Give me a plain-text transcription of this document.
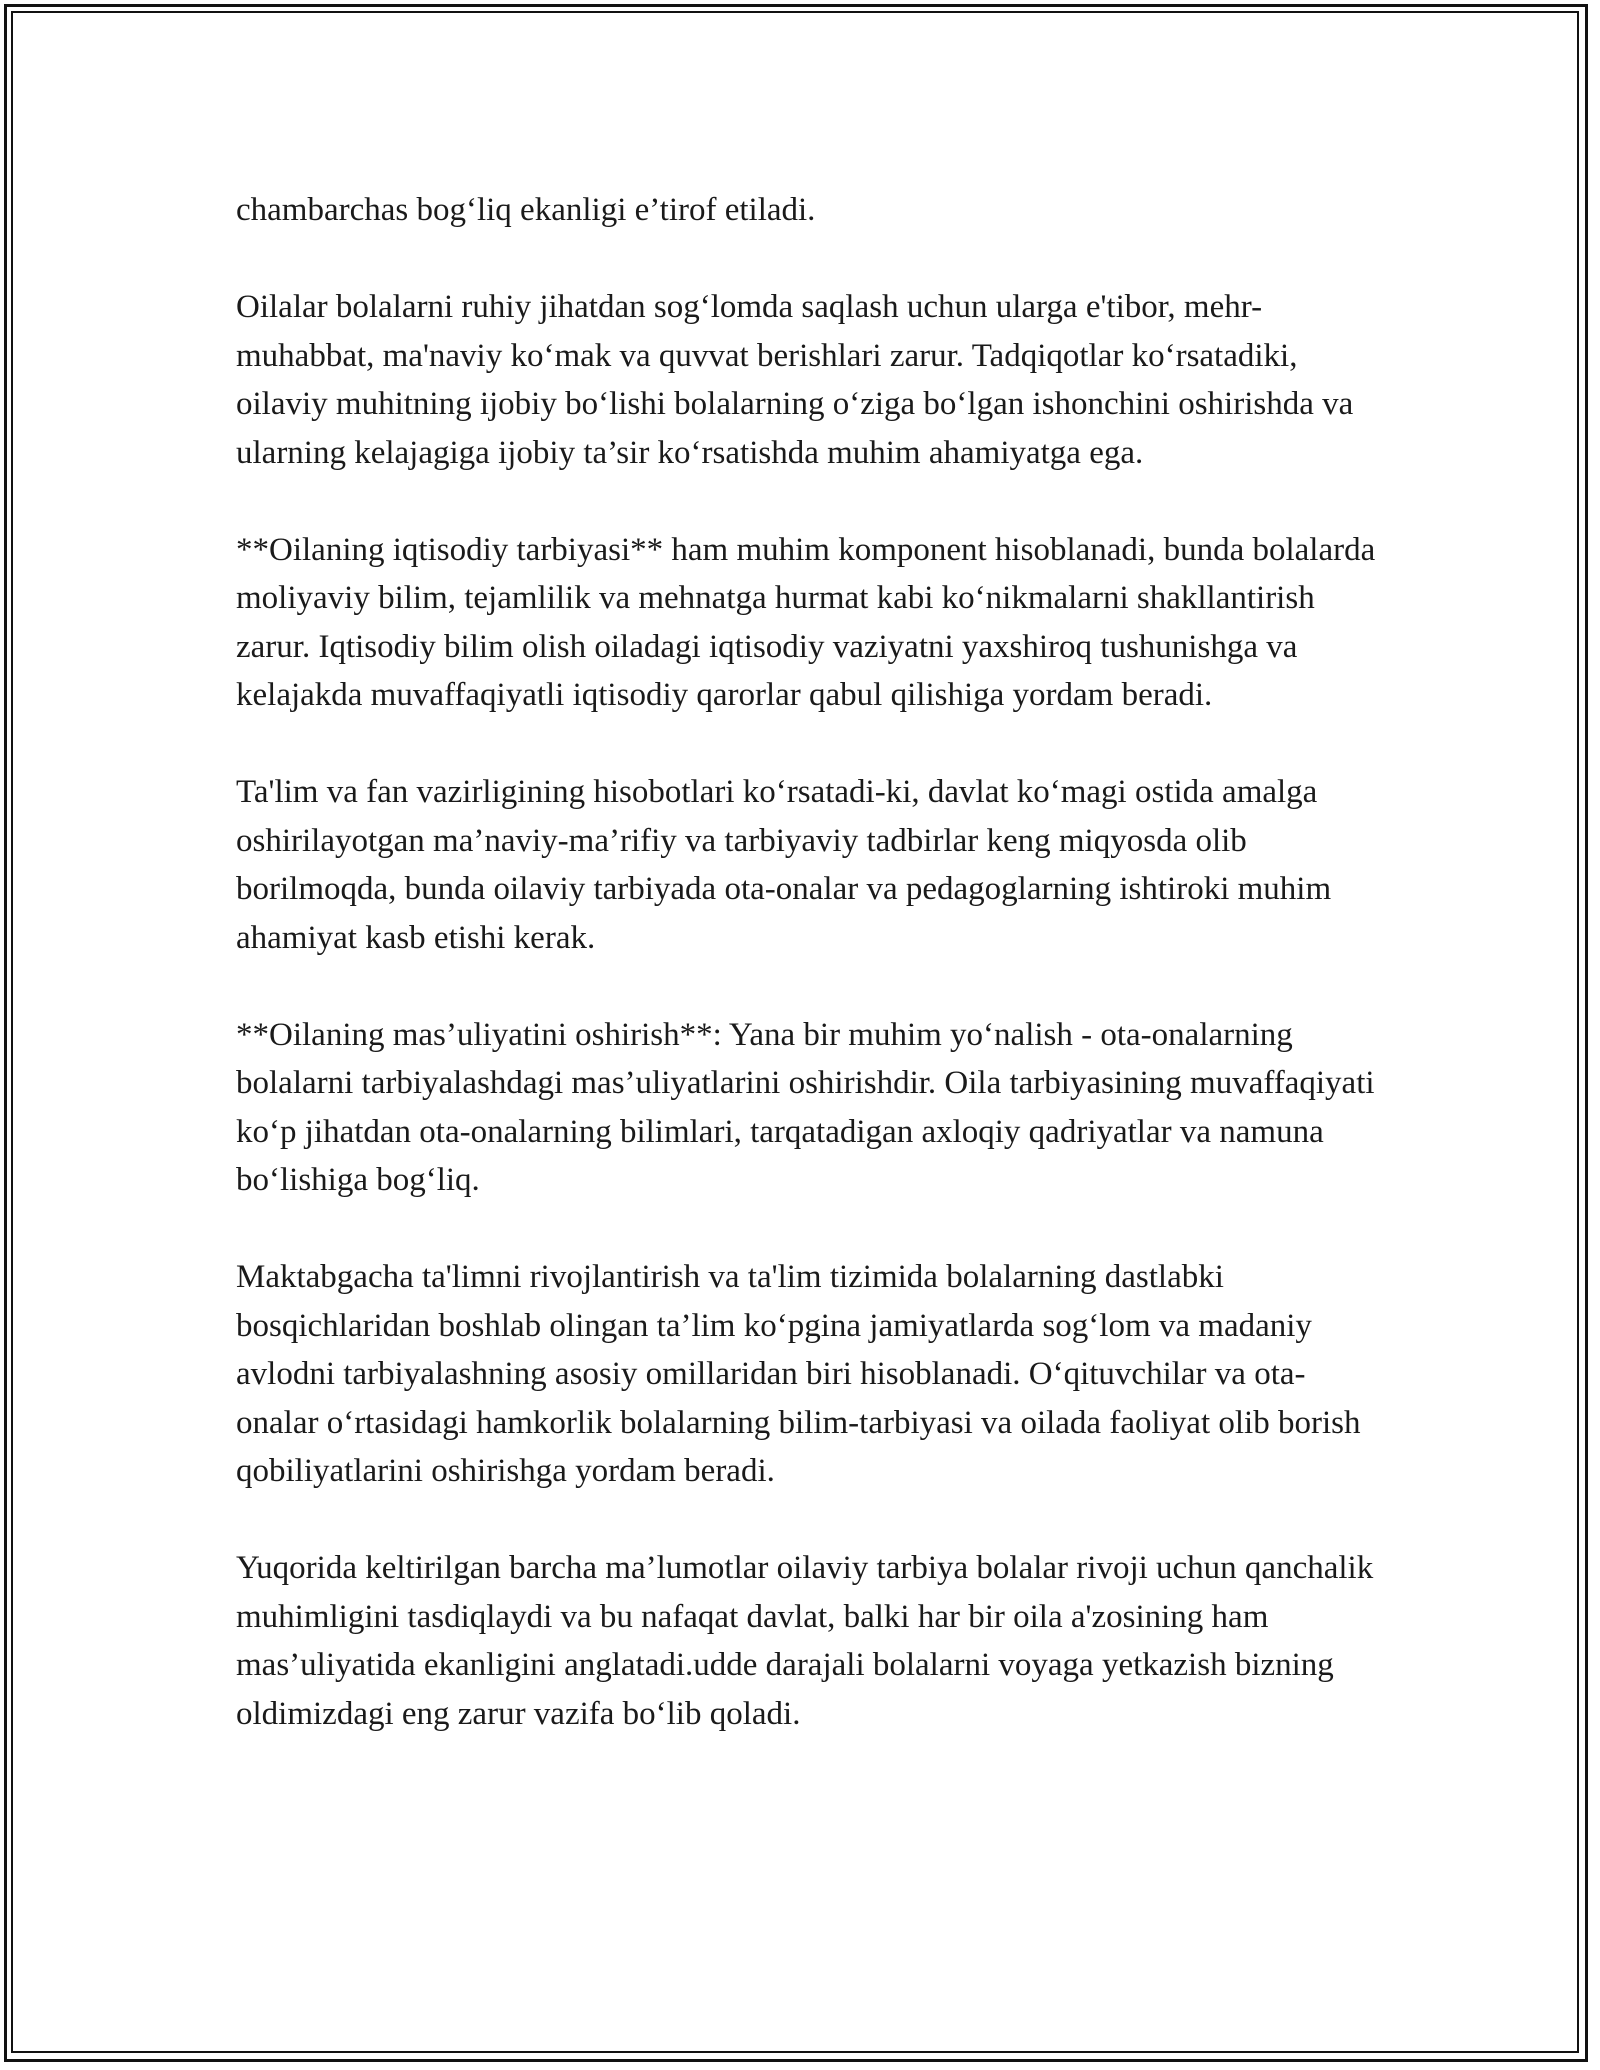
chambarchas bog‘liq ekanligi e’tirof etiladi.

Oilalar bolalarni ruhiy jihatdan sog‘lomda saqlash uchun ularga e'tibor, mehr-muhabbat, ma'naviy ko‘mak va quvvat berishlari zarur. Tadqiqotlar ko‘rsatadiki, oilaviy muhitning ijobiy bo‘lishi bolalarning o‘ziga bo‘lgan ishonchini oshirishda va ularning kelajagiga ijobiy ta’sir ko‘rsatishda muhim ahamiyatga ega.

**Oilaning iqtisodiy tarbiyasi** ham muhim komponent hisoblanadi, bunda bolalarda moliyaviy bilim, tejamlilik va mehnatga hurmat kabi ko‘nikmalarni shakllantirish zarur. Iqtisodiy bilim olish oiladagi iqtisodiy vaziyatni yaxshiroq tushunishga va kelajakda muvaffaqiyatli iqtisodiy qarorlar qabul qilishiga yordam beradi.

Ta'lim va fan vazirligining hisobotlari ko‘rsatadi-ki, davlat ko‘magi ostida amalga oshirilayotgan ma’naviy-ma’rifiy va tarbiyaviy tadbirlar keng miqyosda olib borilmoqda, bunda oilaviy tarbiyada ota-onalar va pedagoglarning ishtiroki muhim ahamiyat kasb etishi kerak.

**Oilaning mas’uliyatini oshirish**: Yana bir muhim yo‘nalish - ota-onalarning bolalarni tarbiyalashdagi mas’uliyatlarini oshirishdir. Oila tarbiyasining muvaffaqiyati ko‘p jihatdan ota-onalarning bilimlari, tarqatadigan axloqiy qadriyatlar va namuna bo‘lishiga bog‘liq.

Maktabgacha ta'limni rivojlantirish va ta'lim tizimida bolalarning dastlabki bosqichlaridan boshlab olingan ta’lim ko‘pgina jamiyatlarda sog‘lom va madaniy avlodni tarbiyalashning asosiy omillaridan biri hisoblanadi. O‘qituvchilar va ota-onalar o‘rtasidagi hamkorlik bolalarning bilim-tarbiyasi va oilada faoliyat olib borish qobiliyatlarini oshirishga yordam beradi.

Yuqorida keltirilgan barcha ma’lumotlar oilaviy tarbiya bolalar rivoji uchun qanchalik muhimligini tasdiqlaydi va bu nafaqat davlat, balki har bir oila a'zosining ham mas’uliyatida ekanligini anglatadi.udde darajali bolalarni voyaga yetkazish bizning oldimizdagi eng zarur vazifa bo‘lib qoladi.
